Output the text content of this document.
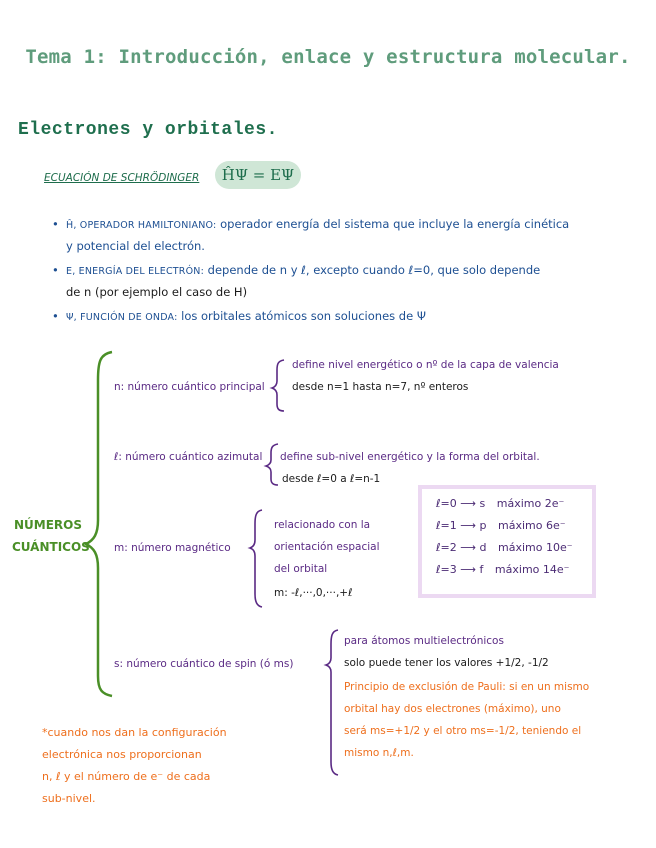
Tema 1: Introducción, enlace y estructura molecular.
Electrones y orbitales.
ECUACIÓN DE SCHRÖDINGER	ĤΨ = EΨ
• Ĥ, OPERADOR HAMILTONIANO: operador energía del sistema que incluye la energía cinética
y potencial del electrón.
• E, ENERGÍA DEL ELECTRÓN: depende de n y ℓ, excepto cuando ℓ=0, que solo depende
de n (por ejemplo el caso de H)
• Ψ, FUNCIÓN DE ONDA: los orbitales atómicos son soluciones de Ψ
NÚMEROS
CUÁNTICOS
n: número cuántico principal
define nivel energético o nº de la capa de valencia
desde n=1 hasta n=7, nº enteros
ℓ: número cuántico azimutal define sub-nivel energético y la forma del orbital.
desde ℓ=0 a ℓ=n-1
m: número magnético
relacionado con la
orientación espacial
del orbital
m: -ℓ,···,0,···,+ℓ
ℓ=0 ⟶ s máximo 2e⁻
ℓ=1 ⟶ p máximo 6e⁻
ℓ=2 ⟶ d máximo 10e⁻
ℓ=3 ⟶ f máximo 14e⁻
s: número cuántico de spin (ó ms)
para átomos multielectrónicos
solo puede tener los valores +1/2, -1/2
Principio de exclusión de Pauli: si en un mismo
orbital hay dos electrones (máximo), uno
será ms=+1/2 y el otro ms=-1/2, teniendo el
mismo n,ℓ,m.
*cuando nos dan la configuración
electrónica nos proporcionan
n, ℓ y el número de e⁻ de cada
sub-nivel.
